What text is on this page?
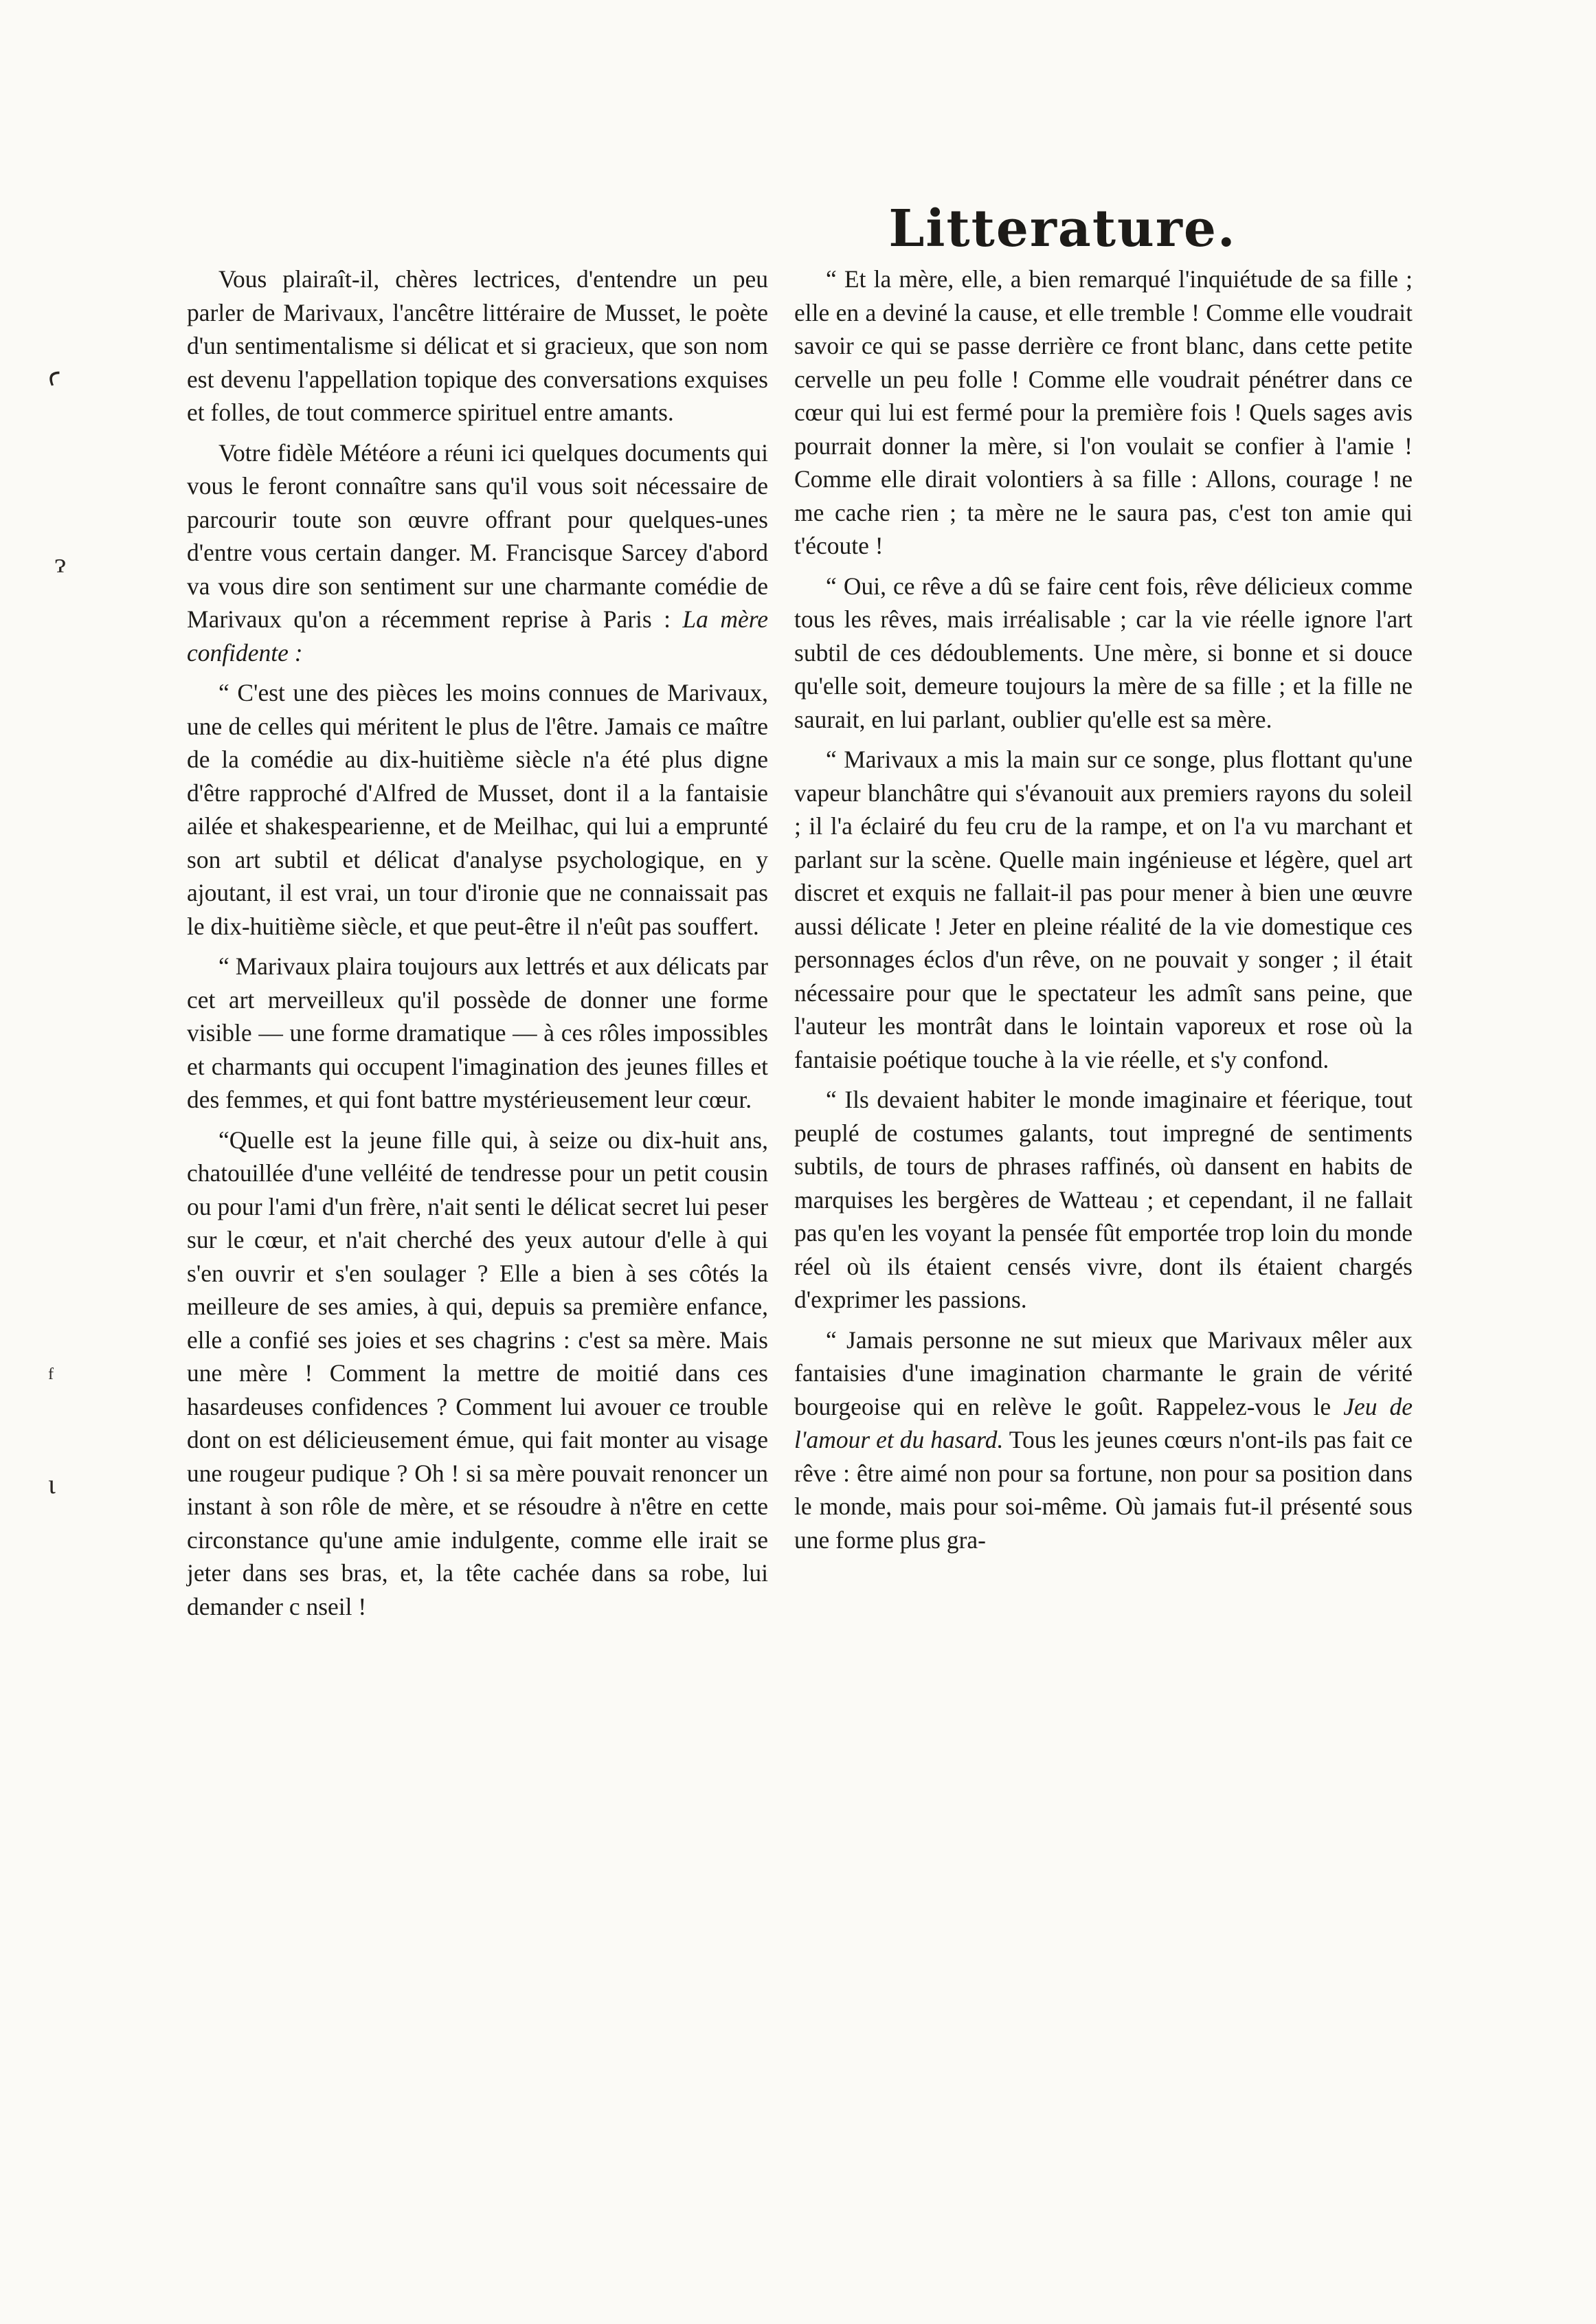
Litterature.

Vous plairaît-il, chères lectrices, d'entendre un peu parler de Marivaux, l'ancêtre littéraire de Musset, le poète d'un sentimentalisme si délicat et si gracieux, que son nom est devenu l'appellation topique des conversations exquises et folles, de tout commerce spirituel entre amants.

Votre fidèle Météore a réuni ici quelques documents qui vous le feront connaître sans qu'il vous soit nécessaire de parcourir toute son œuvre offrant pour quelques-unes d'entre vous certain danger. M. Francisque Sarcey d'abord va vous dire son sentiment sur une charmante comédie de Marivaux qu'on a récemment reprise à Paris : La mère confidente :

“ C'est une des pièces les moins connues de Marivaux, une de celles qui méritent le plus de l'être. Jamais ce maître de la comédie au dix-huitième siècle n'a été plus digne d'être rapproché d'Alfred de Musset, dont il a la fantaisie ailée et shakespearienne, et de Meilhac, qui lui a emprunté son art subtil et délicat d'analyse psychologique, en y ajoutant, il est vrai, un tour d'ironie que ne connaissait pas le dix-huitième siècle, et que peut-être il n'eût pas souffert.

“ Marivaux plaira toujours aux lettrés et aux délicats par cet art merveilleux qu'il possède de donner une forme visible — une forme dramatique — à ces rôles impossibles et charmants qui occupent l'imagination des jeunes filles et des femmes, et qui font battre mystérieusement leur cœur.

“Quelle est la jeune fille qui, à seize ou dix-huit ans, chatouillée d'une velléité de tendresse pour un petit cousin ou pour l'ami d'un frère, n'ait senti le délicat secret lui peser sur le cœur, et n'ait cherché des yeux autour d'elle à qui s'en ouvrir et s'en soulager ? Elle a bien à ses côtés la meilleure de ses amies, à qui, depuis sa première enfance, elle a confié ses joies et ses chagrins : c'est sa mère. Mais une mère ! Comment la mettre de moitié dans ces hasardeuses confidences ? Comment lui avouer ce trouble dont on est délicieusement émue, qui fait monter au visage une rougeur pudique ? Oh ! si sa mère pouvait renoncer un instant à son rôle de mère, et se résoudre à n'être en cette circonstance qu'une amie indulgente, comme elle irait se jeter dans ses bras, et, la tête cachée dans sa robe, lui demander c nseil !

“ Et la mère, elle, a bien remarqué l'inquiétude de sa fille ; elle en a deviné la cause, et elle tremble ! Comme elle voudrait savoir ce qui se passe derrière ce front blanc, dans cette petite cervelle un peu folle ! Comme elle voudrait pénétrer dans ce cœur qui lui est fermé pour la première fois ! Quels sages avis pourrait donner la mère, si l'on voulait se confier à l'amie ! Comme elle dirait volontiers à sa fille : Allons, courage ! ne me cache rien ; ta mère ne le saura pas, c'est ton amie qui t'écoute !

“ Oui, ce rêve a dû se faire cent fois, rêve délicieux comme tous les rêves, mais irréalisable ; car la vie réelle ignore l'art subtil de ces dédoublements. Une mère, si bonne et si douce qu'elle soit, demeure toujours la mère de sa fille ; et la fille ne saurait, en lui parlant, oublier qu'elle est sa mère.

“ Marivaux a mis la main sur ce songe, plus flottant qu'une vapeur blanchâtre qui s'évanouit aux premiers rayons du soleil ; il l'a éclairé du feu cru de la rampe, et on l'a vu marchant et parlant sur la scène. Quelle main ingénieuse et légère, quel art discret et exquis ne fallait-il pas pour mener à bien une œuvre aussi délicate ! Jeter en pleine réalité de la vie domestique ces personnages éclos d'un rêve, on ne pouvait y songer ; il était nécessaire pour que le spectateur les admît sans peine, que l'auteur les montrât dans le lointain vaporeux et rose où la fantaisie poétique touche à la vie réelle, et s'y confond.

“ Ils devaient habiter le monde imaginaire et féerique, tout peuplé de costumes galants, tout impregné de sentiments subtils, de tours de phrases raffinés, où dansent en habits de marquises les bergères de Watteau ; et cependant, il ne fallait pas qu'en les voyant la pensée fût emportée trop loin du monde réel où ils étaient censés vivre, dont ils étaient chargés d'exprimer les passions.

“ Jamais personne ne sut mieux que Marivaux mêler aux fantaisies d'une imagination charmante le grain de vérité bourgeoise qui en relève le goût. Rappelez-vous le Jeu de l'amour et du hasard. Tous les jeunes cœurs n'ont-ils pas fait ce rêve : être aimé non pour sa fortune, non pour sa position dans le monde, mais pour soi-même. Où jamais fut-il présenté sous une forme plus gra-

ꜥ
ɂ
ᶠ
ɩ
